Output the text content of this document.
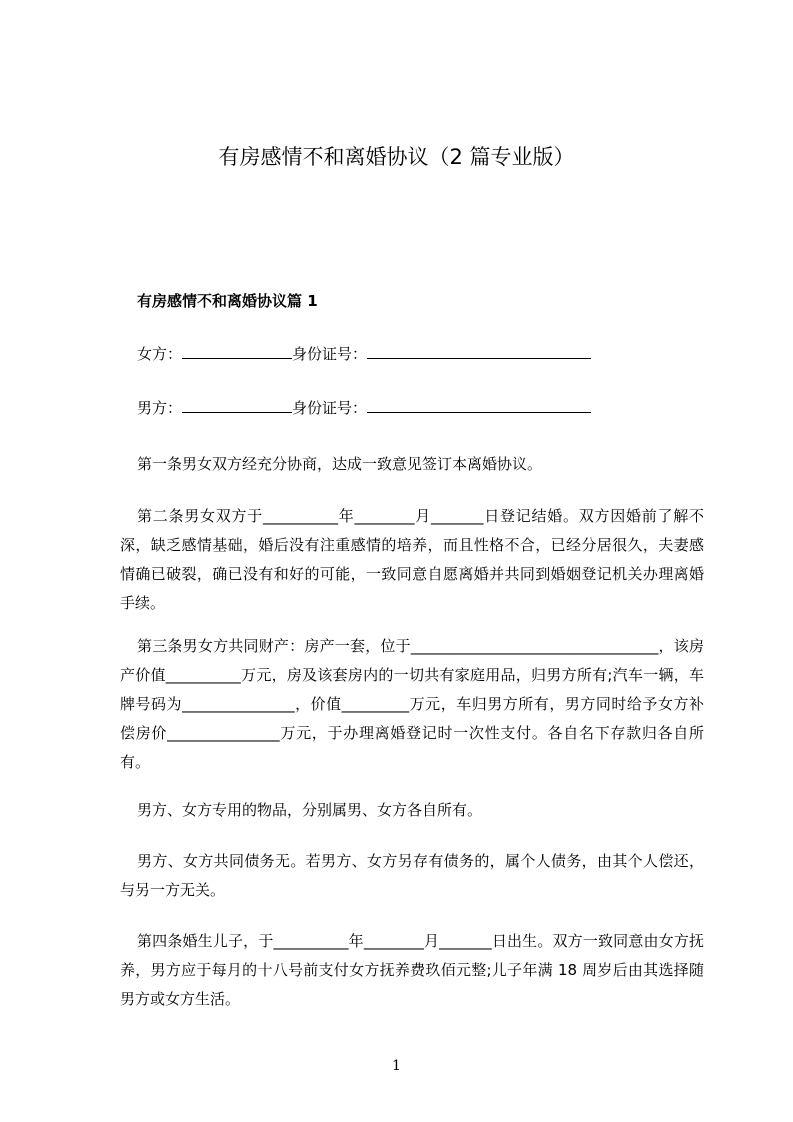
有房感情不和离婚协议（2 篇专业版）
有房感情不和离婚协议篇 1
女方：	身份证号：
男方：	身份证号：
第一条男女双方经充分协商，达成一致意见签订本离婚协议。
第二条男女双方于__________年________月_______日登记结婚。双方因婚前了解不深，缺乏感情基础，婚后没有注重感情的培养，而且性格不合，已经分居很久，夫妻感情确已破裂，确已没有和好的可能，一致同意自愿离婚并共同到婚姻登记机关办理离婚手续。
第三条男女方共同财产：房产一套，位于_________________________________，该房产价值__________万元，房及该套房内的一切共有家庭用品，归男方所有;汽车一辆，车牌号码为_______________，价值_________万元，车归男方所有，男方同时给予女方补偿房价_______________万元，于办理离婚登记时一次性支付。各自名下存款归各自所有。
男方、女方专用的物品，分别属男、女方各自所有。
男方、女方共同债务无。若男方、女方另存有债务的，属个人债务，由其个人偿还，与另一方无关。
第四条婚生儿子，于__________年________月_______日出生。双方一致同意由女方抚养，男方应于每月的十八号前支付女方抚养费玖佰元整;儿子年满 18 周岁后由其选择随男方或女方生活。
1
